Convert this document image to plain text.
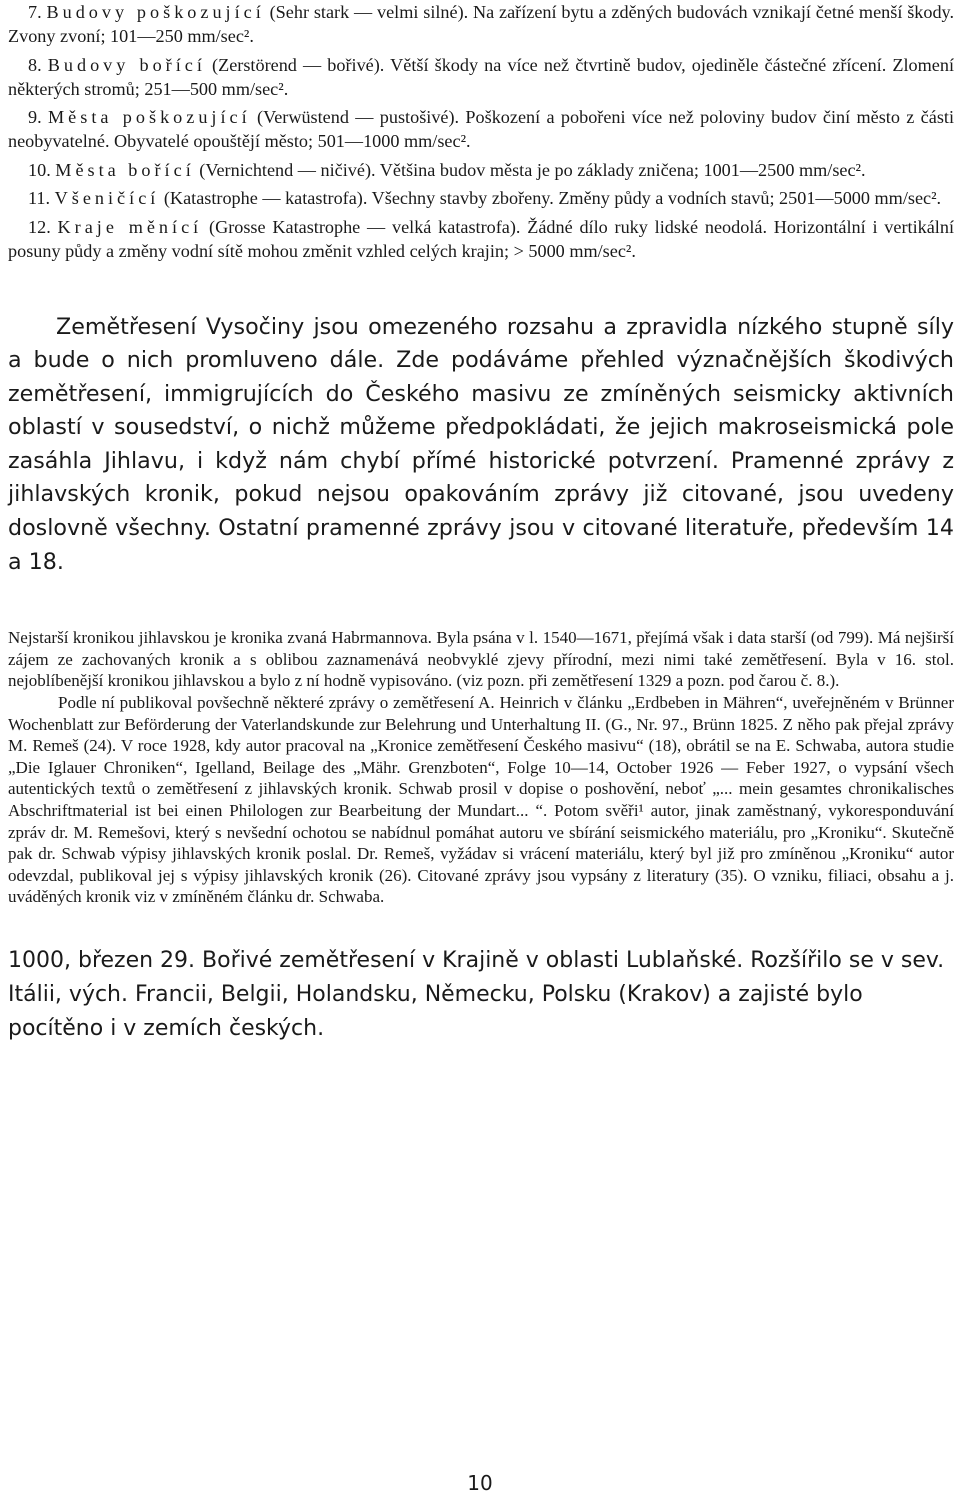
7. Budovy poškozující (Sehr stark — velmi silné). Na zařízení bytu a zděných budovách vznikají četné menší škody. Zvony zvoní; 101—250 mm/sec².

8. Budovy bořící (Zerstörend — bořivé). Větší škody na více než čtvrtině budov, ojediněle částečné zřícení. Zlomení některých stromů; 251—500 mm/sec².

9. Města poškozující (Verwüstend — pustošivé). Poškození a pobořeni více než poloviny budov činí město z části neobyvatelné. Obyvatelé opouštějí město; 501—1000 mm/sec².

10. Města bořící (Vernichtend — ničivé). Většina budov města je po základy zničena; 1001—2500 mm/sec².

11. Všeničící (Katastrophe — katastrofa). Všechny stavby zbořeny. Změny půdy a vodních stavů; 2501—5000 mm/sec².

12. Kraje měnící (Grosse Katastrophe — velká katastrofa). Žádné dílo ruky lidské neodolá. Horizontální i vertikální posuny půdy a změny vodní sítě mohou změnit vzhled celých krajin; > 5000 mm/sec².

Zemětřesení Vysočiny jsou omezeného rozsahu a zpravidla nízkého stupně síly a bude o nich promluveno dále. Zde podáváme přehled význačnějších škodivých zemětřesení, immigrujících do Českého masivu ze zmíněných seismicky aktivních oblastí v sousedství, o nichž můžeme předpokládati, že jejich makroseismická pole zasáhla Jihlavu, i když nám chybí přímé historické potvrzení. Pramenné zprávy z jihlavských kronik, pokud nejsou opakováním zprávy již citované, jsou uvedeny doslovně všechny. Ostatní pramenné zprávy jsou v citované literatuře, především 14 a 18.

Nejstarší kronikou jihlavskou je kronika zvaná Habrmannova. Byla psána v l. 1540—1671, přejímá však i data starší (od 799). Má nejširší zájem ze zachovaných kronik a s oblibou zaznamenává neobvyklé zjevy přírodní, mezi nimi také zemětřesení. Byla v 16. stol. nejoblíbenější kronikou jihlavskou a bylo z ní hodně vypisováno. (viz pozn. při zemětřesení 1329 a pozn. pod čarou č. 8.).

Podle ní publikoval povšechně některé zprávy o zemětřesení A. Heinrich v článku „Erdbeben in Mähren“, uveřejněném v Brünner Wochenblatt zur Beförderung der Vaterlandskunde zur Belehrung und Unterhaltung II. (G., Nr. 97., Brünn 1825. Z něho pak přejal zprávy M. Remeš (24). V roce 1928, kdy autor pracoval na „Kronice zemětřesení Českého masivu“ (18), obrátil se na E. Schwaba, autora studie „Die Iglauer Chroniken“, Igelland, Beilage des „Mähr. Grenzboten“, Folge 10—14, October 1926 — Feber 1927, o vypsání všech autentických textů o zemětřesení z jihlavských kronik. Schwab prosil v dopise o poshovění, neboť „... mein gesamtes chronikalisches Abschriftmaterial ist bei einen Philologen zur Bearbeitung der Mundart... “. Potom svěři¹ autor, jinak zaměstnaný, vykoresponduvání zpráv dr. M. Remešovi, který s nevšední ochotou se nabídnul pomáhat autoru ve sbírání seismického materiálu, pro „Kroniku“. Skutečně pak dr. Schwab výpisy jihlavských kronik poslal. Dr. Remeš, vyžádav si vrácení materiálu, který byl již pro zmíněnou „Kroniku“ autor odevzdal, publikoval jej s výpisy jihlavských kronik (26). Citované zprávy jsou vypsány z literatury (35). O vzniku, filiaci, obsahu a j. uváděných kronik viz v zmíněném článku dr. Schwaba.

1000, březen 29. Bořivé zemětřesení v Krajině v oblasti Lublaňské. Rozšířilo se v sev. Itálii, vých. Francii, Belgii, Holandsku, Německu, Polsku (Krakov) a zajisté bylo pocítěno i v zemích českých.

10
